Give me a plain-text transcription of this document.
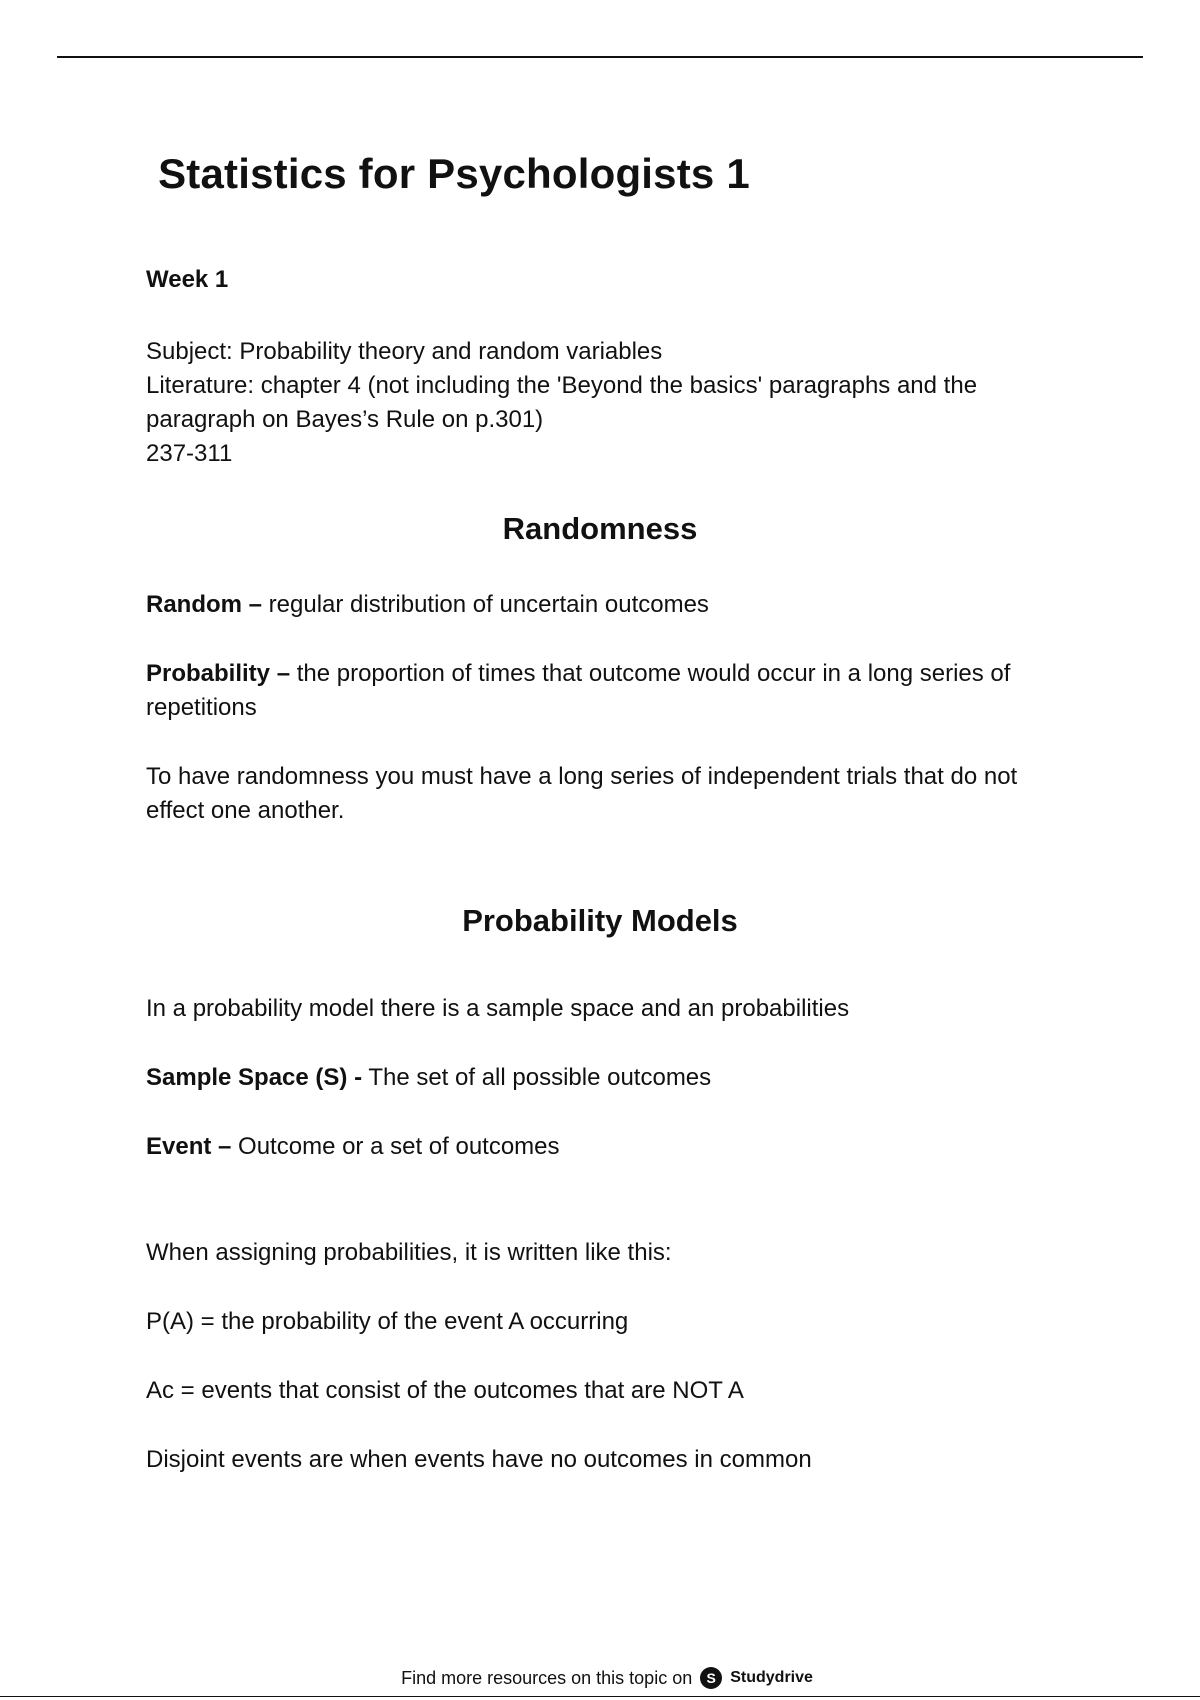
Statistics for Psychologists 1
Week 1
Subject: Probability theory and random variables
Literature: chapter 4 (not including the 'Beyond the basics' paragraphs and the
paragraph on Bayes’s Rule on p.301)
237-311
Randomness

Random – regular distribution of uncertain outcomes

Probability – the proportion of times that outcome would occur in a long series of repetitions

To have randomness you must have a long series of independent trials that do not effect one another.

Probability Models

In a probability model there is a sample space and an probabilities

Sample Space (S) - The set of all possible outcomes

Event – Outcome or a set of outcomes

When assigning probabilities, it is written like this:

P(A) = the probability of the event A occurring

Ac = events that consist of the outcomes that are NOT A

Disjoint events are when events have no outcomes in common

Find more resources on this topic on	S Studydrive
